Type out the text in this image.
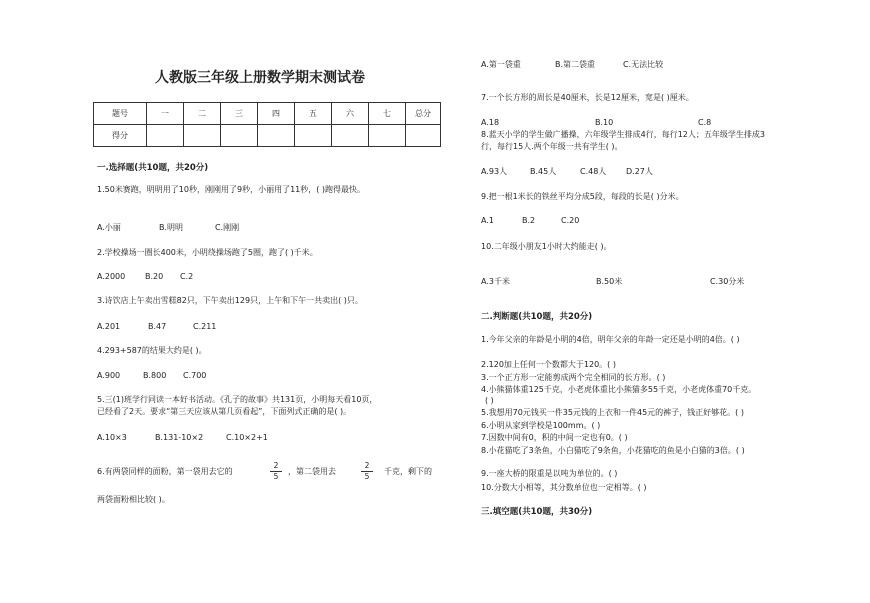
人教版三年级上册数学期末测试卷
题号	一	二	三	四	五	六	七	总分
得分								
一.选择题(共10题，共20分)
1.50米赛跑，明明用了10秒，刚刚用了9秒，小丽用了11秒，( )跑得最快。
A.小丽	B.明明	C.刚刚
2.学校操场一圈长400米，小明绕操场跑了5圈，跑了( )千米。
A.2000 B.20 C.2
3.诗饮店上午卖出雪糕82只，下午卖出129只，上午和下午一共卖出( )只。
A.201	B.47	C.211
4.293+587的结果大约是( )。
A.900	B.800 C.700
5.三(1)班学行同读一本好书活动。《孔子的故事》共131页，小明每天看10页，
已经看了2天。要求“第三天应该从第几页看起”，下面列式正确的是( )。
A.10×3	B.131-10×2	C.10×2+1
6.有两袋同样的面粉，第一袋用去它的
2
5
，第二袋用去
2
5
千克，剩下的
两袋面粉相比较( )。
A.第一袋重	B.第二袋重	C.无法比较
7.一个长方形的周长是40厘米，长是12厘米，宽是( )厘米。
A.18	B.10	C.8
8.蓝天小学的学生做广播操，六年级学生排成4行，每行12人；五年级学生排成3
行，每行15人.两个年级一共有学生( )。
A.93人	B.45人	C.48人 D.27人
9.把一根1米长的铁丝平均分成5段，每段的长是( )分米。
A.1	B.2	C.20
10.二年级小朋友1小时大约能走( )。
A.3千米	B.50米	C.30分米
二.判断题(共10题，共20分)
1.今年父亲的年龄是小明的4倍，明年父亲的年龄一定还是小明的4倍。( )
2.120加上任何一个数都大于120。( )
3.一个正方形一定能剪成两个完全相同的长方形。( )
4.小熊猫体重125千克，小老虎体重比小熊猫多55千克，小老虎体重70千克。
( )
5.我想用70元钱买一件35元钱的上衣和一件45元的裤子，钱正好够花。( )
6.小明从家到学校是100mm。( )
7.因数中间有0，积的中间一定也有0。( )
8.小花猫吃了3条鱼，小白猫吃了9条鱼，小花猫吃的鱼是小白猫的3倍。( )
9.一座大桥的限重是以吨为单位的。( )
10.分数大小相等，其分数单位也一定相等。( )
三.填空题(共10题，共30分)
